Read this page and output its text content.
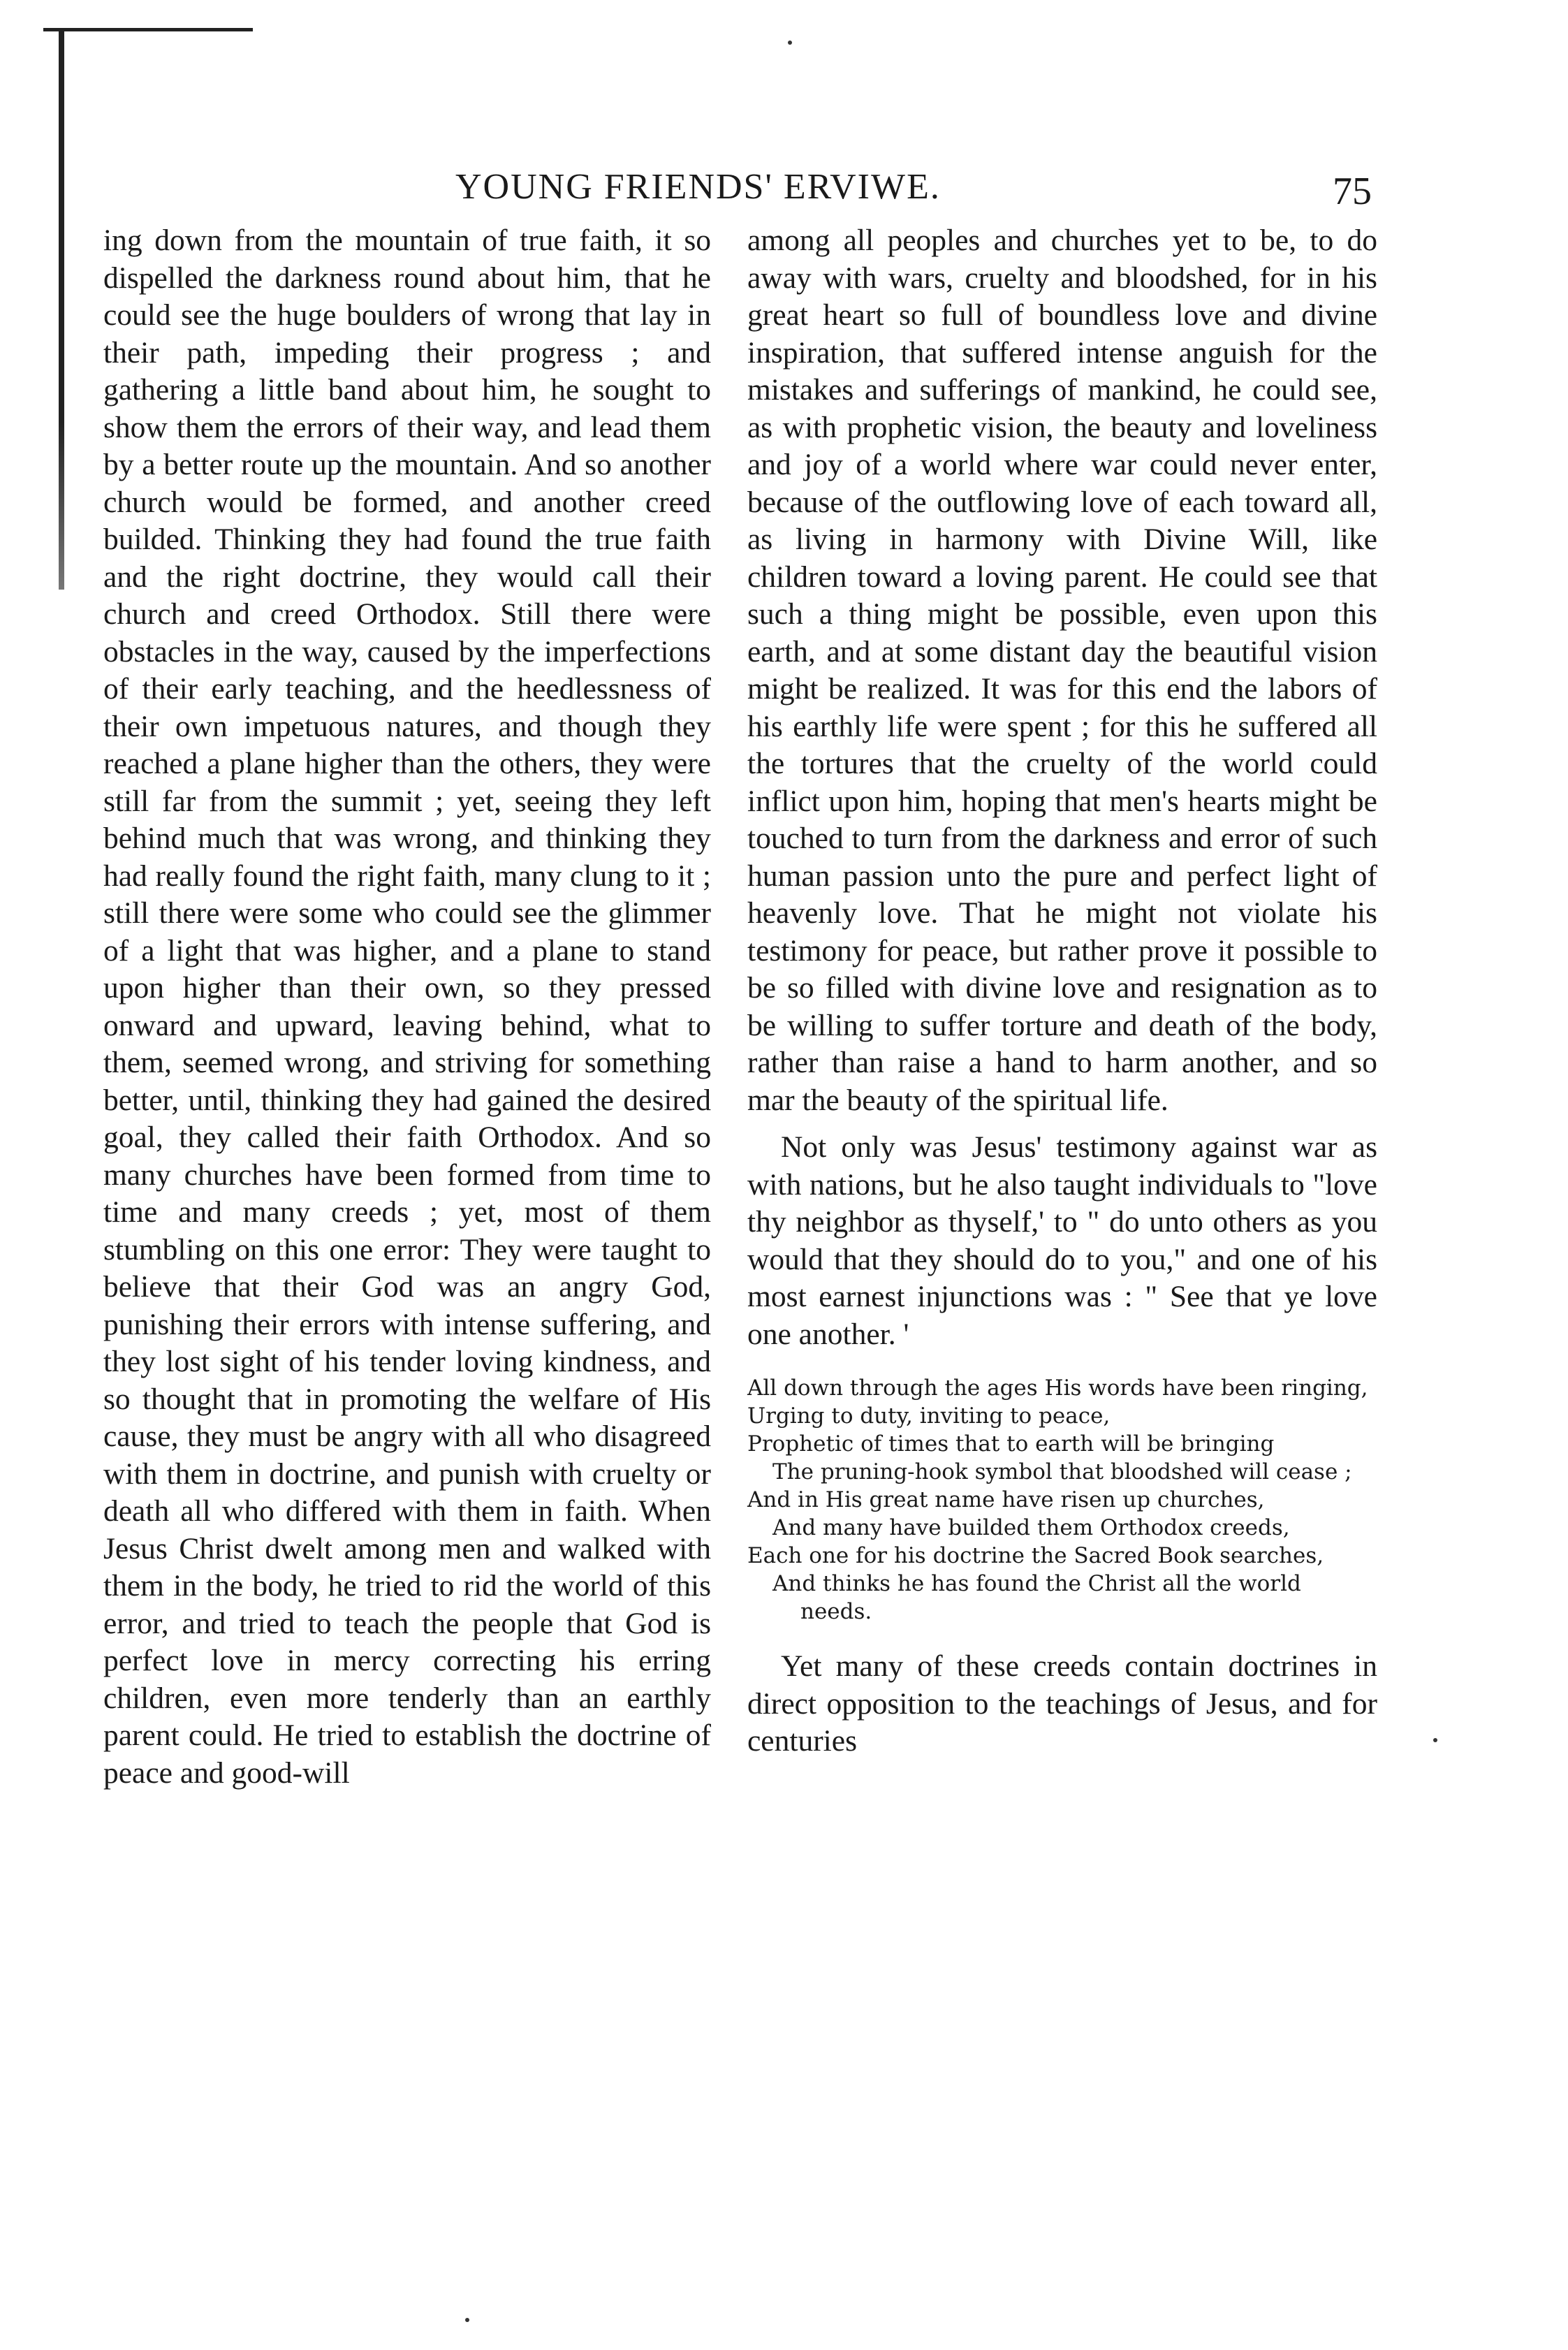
YOUNG FRIENDS' ERVIWE.	75

ing down from the mountain of true faith, it so dispelled the darkness round about him, that he could see the huge boulders of wrong that lay in their path, impeding their progress ; and gathering a little band about him, he sought to show them the errors of their way, and lead them by a better route up the mountain. And so another church would be formed, and another creed builded. Thinking they had found the true faith and the right doctrine, they would call their church and creed Orthodox. Still there were obstacles in the way, caused by the imperfections of their early teaching, and the heedlessness of their own impetuous natures, and though they reached a plane higher than the others, they were still far from the summit ; yet, seeing they left behind much that was wrong, and thinking they had really found the right faith, many clung to it ; still there were some who could see the glimmer of a light that was higher, and a plane to stand upon higher than their own, so they pressed onward and upward, leaving behind, what to them, seemed wrong, and striving for something better, until, thinking they had gained the desired goal, they called their faith Orthodox. And so many churches have been formed from time to time and many creeds ; yet, most of them stumbling on this one error: They were taught to believe that their God was an angry God, punishing their errors with intense suffering, and they lost sight of his tender loving kindness, and so thought that in promoting the welfare of His cause, they must be angry with all who disagreed with them in doctrine, and punish with cruelty or death all who differed with them in faith. When Jesus Christ dwelt among men and walked with them in the body, he tried to rid the world of this error, and tried to teach the people that God is perfect love in mercy correcting his erring children, even more tenderly than an earthly parent could. He tried to establish the doctrine of peace and good-will

among all peoples and churches yet to be, to do away with wars, cruelty and bloodshed, for in his great heart so full of boundless love and divine inspiration, that suffered intense anguish for the mistakes and sufferings of mankind, he could see, as with prophetic vision, the beauty and loveliness and joy of a world where war could never enter, because of the outflowing love of each toward all, as living in harmony with Divine Will, like children toward a loving parent. He could see that such a thing might be possible, even upon this earth, and at some distant day the beautiful vision might be realized. It was for this end the labors of his earthly life were spent ; for this he suffered all the tortures that the cruelty of the world could inflict upon him, hoping that men's hearts might be touched to turn from the darkness and error of such human passion unto the pure and perfect light of heavenly love. That he might not violate his testimony for peace, but rather prove it possible to be so filled with divine love and resignation as to be willing to suffer torture and death of the body, rather than raise a hand to harm another, and so mar the beauty of the spiritual life.

Not only was Jesus' testimony against war as with nations, but he also taught individuals to "love thy neighbor as thyself,' to " do unto others as you would that they should do to you," and one of his most earnest injunctions was : " See that ye love one another. '

All down through the ages His words have been ringing,
Urging to duty, inviting to peace,
Prophetic of times that to earth will be bringing
The pruning-hook symbol that bloodshed will cease ;
And in His great name have risen up churches,
And many have builded them Orthodox creeds,
Each one for his doctrine the Sacred Book searches,
And thinks he has found the Christ all the world needs.

Yet many of these creeds contain doctrines in direct opposition to the teachings of Jesus, and for centuries
